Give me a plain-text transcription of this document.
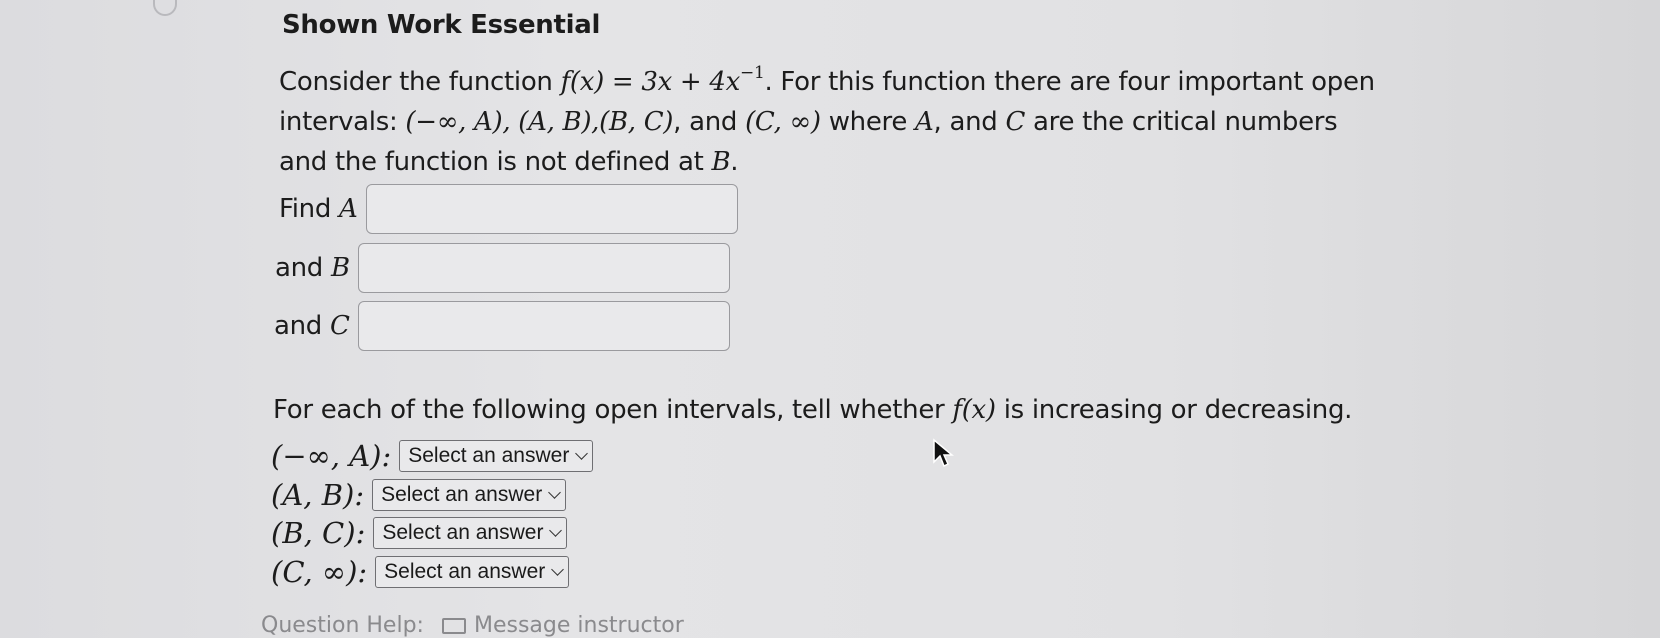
Shown Work Essential
Consider the function $f(x) = 3x + 4x^{-1}$. For this function there are four important open
intervals: (−∞, A), (A, B),(B, C), and (C, ∞) where A, and C are the critical numbers
and the function is not defined at B.
Find A
and B
and C
For each of the following open intervals, tell whether f(x) is increasing or decreasing.
(−∞, A): Select an answer
(A, B): Select an answer
(B, C): Select an answer
(C, ∞): Select an answer
Question Help: Message instructor
